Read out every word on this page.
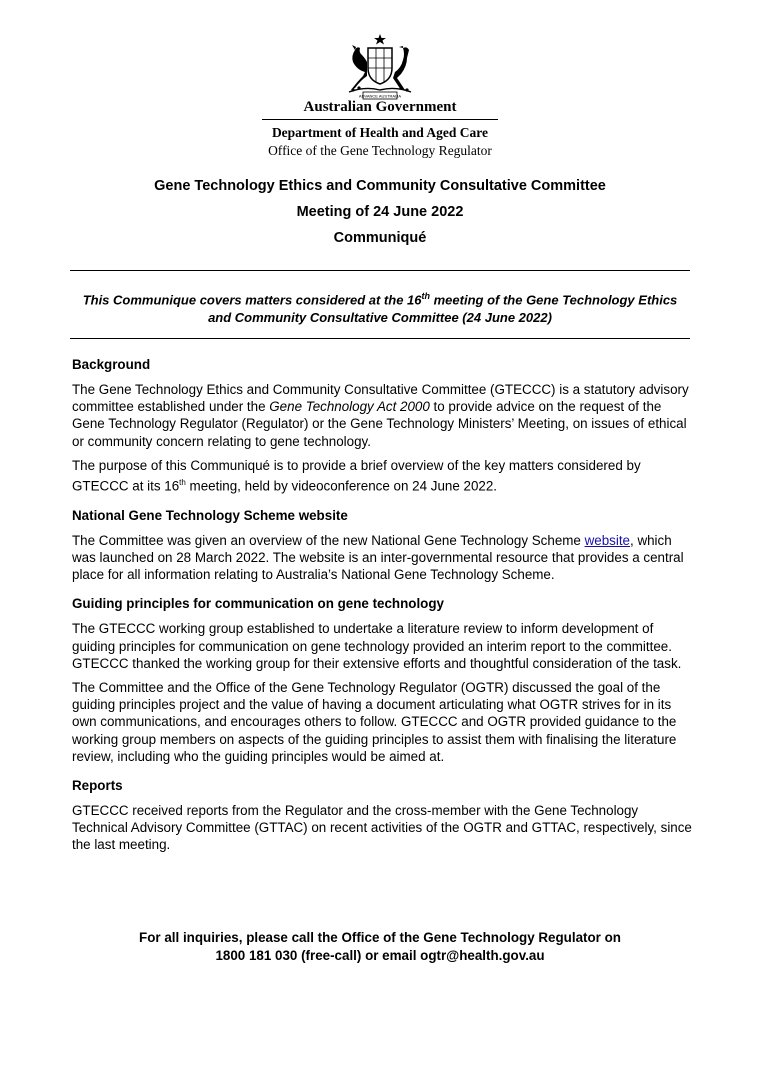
ADVANCE AUSTRALIA
Australian Government
Department of Health and Aged Care
Office of the Gene Technology Regulator
Gene Technology Ethics and Community Consultative Committee
Meeting of 24 June 2022
Communiqué
This Communique covers matters considered at the 16th meeting of the Gene Technology Ethics and Community Consultative Committee (24 June 2022)
Background

The Gene Technology Ethics and Community Consultative Committee (GTECCC) is a statutory advisory committee established under the Gene Technology Act 2000 to provide advice on the request of the Gene Technology Regulator (Regulator) or the Gene Technology Ministers’ Meeting, on issues of ethical or community concern relating to gene technology.

The purpose of this Communiqué is to provide a brief overview of the key matters considered by GTECCC at its 16th meeting, held by videoconference on 24 June 2022.

National Gene Technology Scheme website

The Committee was given an overview of the new National Gene Technology Scheme website, which was launched on 28 March 2022. The website is an inter-governmental resource that provides a central place for all information relating to Australia’s National Gene Technology Scheme.

Guiding principles for communication on gene technology

The GTECCC working group established to undertake a literature review to inform development of guiding principles for communication on gene technology provided an interim report to the committee. GTECCC thanked the working group for their extensive efforts and thoughtful consideration of the task.

The Committee and the Office of the Gene Technology Regulator (OGTR) discussed the goal of the guiding principles project and the value of having a document articulating what OGTR strives for in its own communications, and encourages others to follow. GTECCC and OGTR provided guidance to the working group members on aspects of the guiding principles to assist them with finalising the literature review, including who the guiding principles would be aimed at.

Reports

GTECCC received reports from the Regulator and the cross-member with the Gene Technology Technical Advisory Committee (GTTAC) on recent activities of the OGTR and GTTAC, respectively, since the last meeting.

For all inquiries, please call the Office of the Gene Technology Regulator on
1800 181 030 (free-call) or email ogtr@health.gov.au
